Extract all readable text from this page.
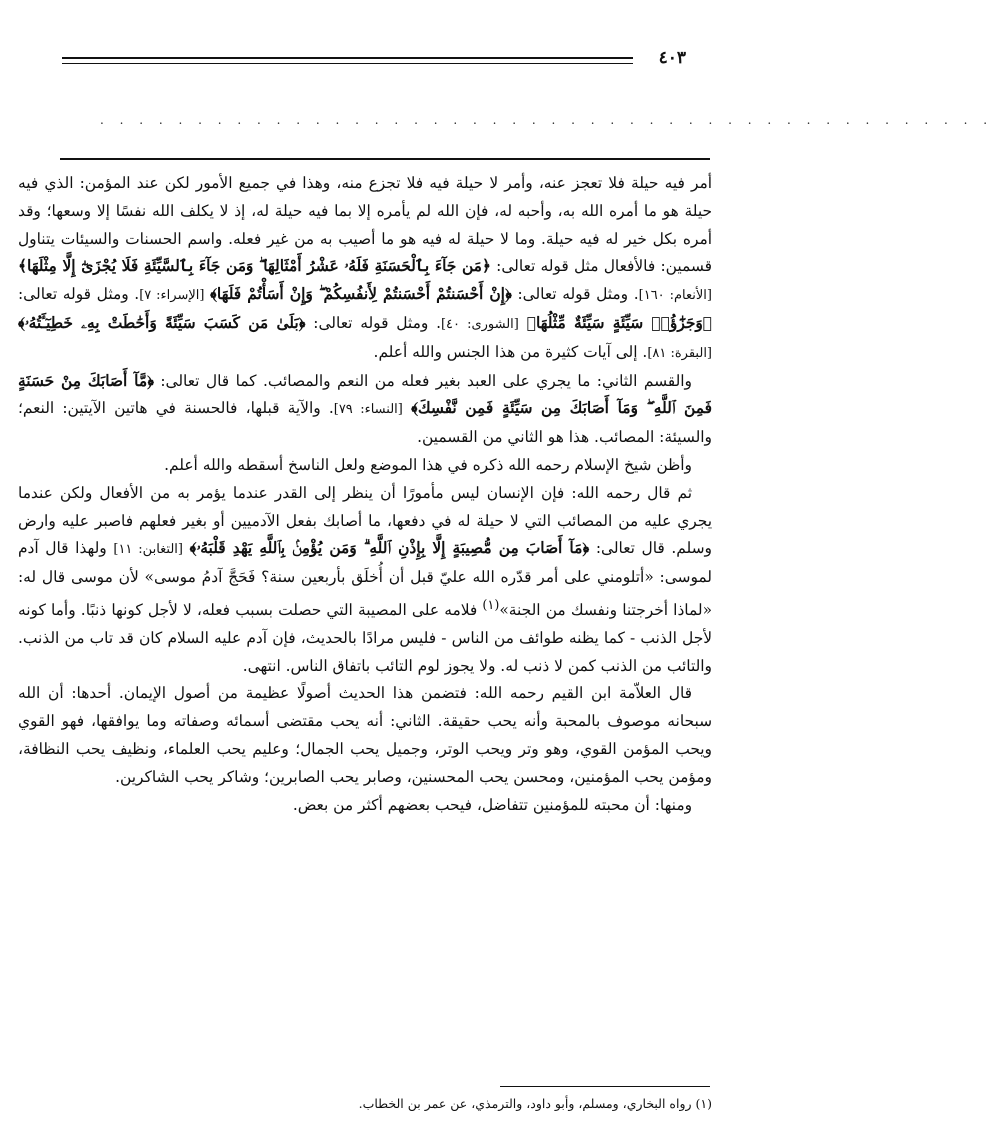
٤٠٣
. . . . . . . . . . . . . . . . . . . . . . . . . . . . . . . . . . . . . . . . . . . . . .

أمر فيه حيلة فلا تعجز عنه، وأمر لا حيلة فيه فلا تجزع منه، وهذا في جميع الأمور لكن عند المؤمن: الذي فيه حيلة هو ما أمره الله به، وأحبه له، فإن الله لم يأمره إلا بما فيه حيلة له، إذ لا يكلف الله نفسًا إلا وسعها؛ وقد أمره بكل خير له فيه حيلة. وما لا حيلة له فيه هو ما أصيب به من غير فعله. واسم الحسنات والسيئات يتناول قسمين: فالأفعال مثل قوله تعالى: ﴿مَن جَآءَ بِٱلْحَسَنَةِ فَلَهُۥ عَشْرُ أَمْثَالِهَا ۖ وَمَن جَآءَ بِٱلسَّيِّئَةِ فَلَا يُجْزَىٰٓ إِلَّا مِثْلَهَا﴾ [الأنعام: ١٦٠]. ومثل قوله تعالى: ﴿إِنْ أَحْسَنتُمْ أَحْسَنتُمْ لِأَنفُسِكُمْ ۖ وَإِنْ أَسَأْتُمْ فَلَهَا﴾ [الإسراء: ٧]. ومثل قوله تعالى: ﴿وَجَزَٰٓؤُا۟ سَيِّئَةٍ سَيِّئَةٌ مِّثْلُهَا﴾ [الشورى: ٤٠]. ومثل قوله تعالى: ﴿بَلَىٰ مَن كَسَبَ سَيِّئَةً وَأَحَٰطَتْ بِهِۦ خَطِيٓـَٔتُهُۥ﴾ [البقرة: ٨١]. إلى آيات كثيرة من هذا الجنس والله أعلم.

والقسم الثاني: ما يجري على العبد بغير فعله من النعم والمصائب. كما قال تعالى: ﴿مَّآ أَصَابَكَ مِنْ حَسَنَةٍ فَمِنَ ٱللَّهِ ۖ وَمَآ أَصَابَكَ مِن سَيِّئَةٍ فَمِن نَّفْسِكَ﴾ [النساء: ٧٩]. والآية قبلها، فالحسنة في هاتين الآيتين: النعم؛ والسيئة: المصائب. هذا هو الثاني من القسمين.

وأظن شيخ الإسلام رحمه الله ذكره في هذا الموضع ولعل الناسخ أسقطه والله أعلم.

ثم قال رحمه الله: فإن الإنسان ليس مأمورًا أن ينظر إلى القدر عندما يؤمر به من الأفعال ولكن عندما يجري عليه من المصائب التي لا حيلة له في دفعها، ما أصابك بفعل الآدميين أو بغير فعلهم فاصبر عليه وارض وسلم. قال تعالى: ﴿مَآ أَصَابَ مِن مُّصِيبَةٍ إِلَّا بِإِذْنِ ٱللَّهِ ۗ وَمَن يُؤْمِنۢ بِٱللَّهِ يَهْدِ قَلْبَهُۥ﴾ [التغابن: ١١] ولهذا قال آدم لموسى: «أتلومني على أمر قدّره الله عليّ قبل أن أُخلَق بأربعين سنة؟ فَحَجَّ آدمُ موسى» لأن موسى قال له: «لماذا أخرجتنا ونفسك من الجنة»$^{(١)}$ فلامه على المصيبة التي حصلت بسبب فعله، لا لأجل كونها ذنبًا. وأما كونه لأجل الذنب - كما يظنه طوائف من الناس - فليس مرادًا بالحديث، فإن آدم عليه السلام كان قد تاب من الذنب. والتائب من الذنب كمن لا ذنب له. ولا يجوز لوم التائب باتفاق الناس. انتهى.

قال العلاّمة ابن القيم رحمه الله: فتضمن هذا الحديث أصولًا عظيمة من أصول الإيمان. أحدها: أن الله سبحانه موصوف بالمحبة وأنه يحب حقيقة. الثاني: أنه يحب مقتضى أسمائه وصفاته وما يوافقها، فهو القوي ويحب المؤمن القوي، وهو وتر ويحب الوتر، وجميل يحب الجمال؛ وعليم يحب العلماء، ونظيف يحب النظافة، ومؤمن يحب المؤمنين، ومحسن يحب المحسنين، وصابر يحب الصابرين؛ وشاكر يحب الشاكرين.

ومنها: أن محبته للمؤمنين تتفاضل، فيحب بعضهم أكثر من بعض.

(١) رواه البخاري، ومسلم، وأبو داود، والترمذي، عن عمر بن الخطاب.
